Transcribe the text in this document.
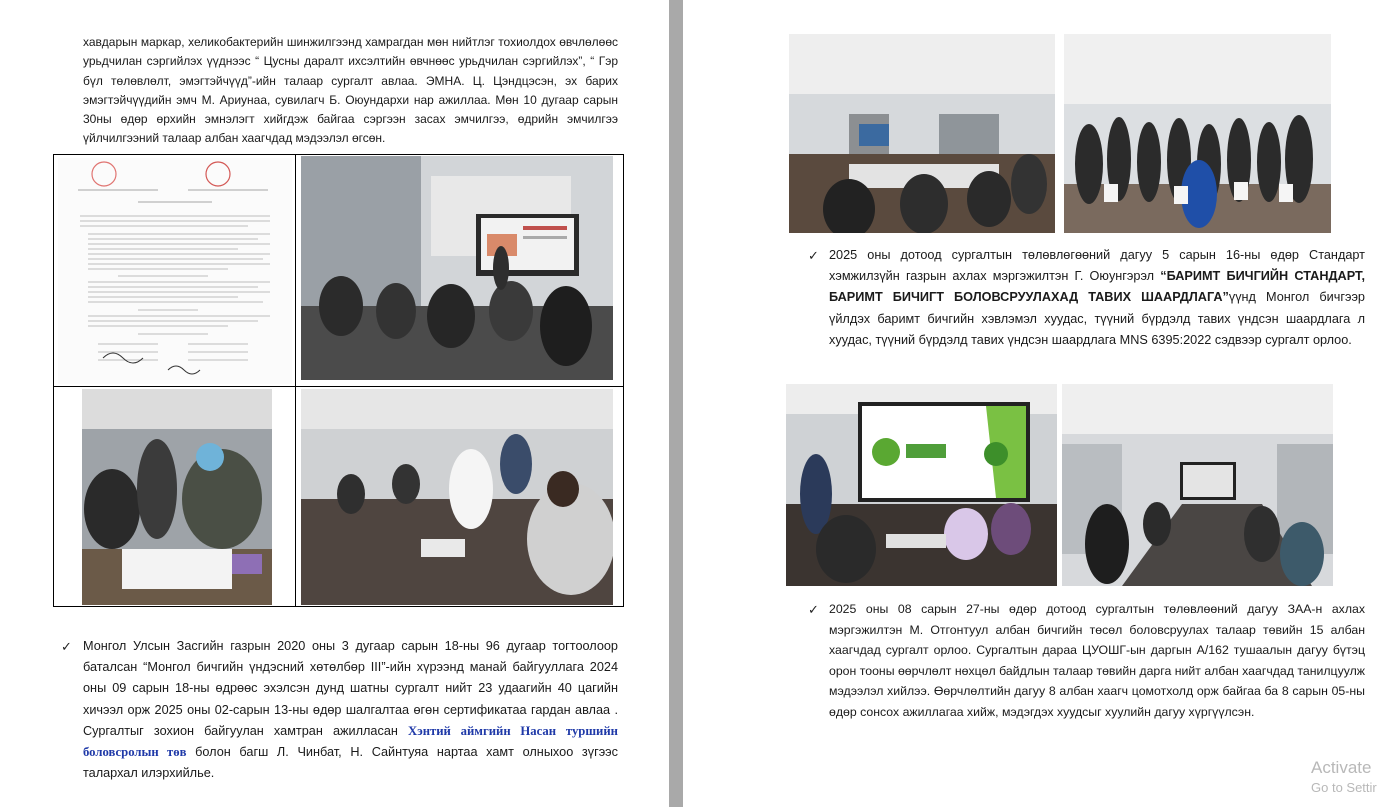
хавдарын маркар, хеликобактерийн шинжилгээнд хамрагдан мөн нийтлэг тохиолдох өвчлөлөөс урьдчилан сэргийлэх үүднээс “ Цусны даралт ихсэлтийн өвчнөөс урьдчилан сэргийлэх”, “ Гэр бүл төлөвлөлт, эмэгтэйчүүд”-ийн талаар сургалт авлаа. ЭМНА. Ц. Цэндцэсэн, эх барих эмэгтэйчүүдийн эмч М. Ариунаа, сувилагч Б. Оюундархи нар ажиллаа. Мөн 10 дугаар сарын 30ны өдөр өрхийн эмнэлэгт хийгдэж байгаа сэргээн засах эмчилгээ, өдрийн эмчилгээ үйлчилгээний талаар албан хаагчдад мэдээлэл өгсөн.

✓ Монгол Улсын Засгийн газрын 2020 оны 3 дугаар сарын 18-ны 96 дугаар тогтоолоор баталсан “Монгол бичгийн үндэсний хөтөлбөр III”-ийн хүрээнд манай байгууллага 2024 оны 09 сарын 18-ны өдрөөс эхэлсэн дунд шатны сургалт нийт 23 удаагийн 40 цагийн хичээл орж 2025 оны 02-сарын 13-ны өдөр шалгалтаа өгөн сертификатаа гардан авлаа . Сургалтыг зохион байгуулан хамтран ажилласан Хэнтий аймгийн Насан туршийн боловсролын төв болон багш Л. Чинбат, Н. Сайнтуяа нартаа хамт олныхоо зүгээс талархал илэрхийлье.

✓ 2025 оны дотоод сургалтын төлөвлөгөөний дагуу 5 сарын 16-ны өдөр Стандарт хэмжилзүйн газрын ахлах мэргэжилтэн Г. Оюунгэрэл “БАРИМТ БИЧГИЙН СТАНДАРТ, БАРИМТ БИЧИГТ БОЛОВСРУУЛАХАД ТАВИХ ШААРДЛАГА”үүнд Монгол бичгээр үйлдэх баримт бичгийн хэвлэмэл хуудас, түүний бүрдэлд тавих үндсэн шаардлага л хуудас, түүний бүрдэлд тавих үндсэн шаардлага MNS 6395:2022 сэдвээр сургалт орлоо.

✓ 2025 оны 08 сарын 27-ны өдөр дотоод сургалтын төлөвлөөний дагуу ЗАА-н ахлах мэргэжилтэн М. Отгонтуул албан бичгийн төсөл боловсруулах талаар төвийн 15 албан хаагчдад сургалт орлоо. Сургалтын дараа ЦУОШГ-ын даргын А/162 тушаалын дагуу бүтэц орон тооны өөрчлөлт нөхцөл байдлын талаар төвийн дарга нийт албан хаагчдад танилцуулж мэдээлэл хийлээ. Өөрчлөлтийн дагуу 8 албан хаагч цомотхолд орж байгаа ба 8 сарын 05-ны өдөр сонсох ажиллагаа хийж, мэдэгдэх хуудсыг хуулийн дагуу хүргүүлсэн.

Activate
Go to Settir
